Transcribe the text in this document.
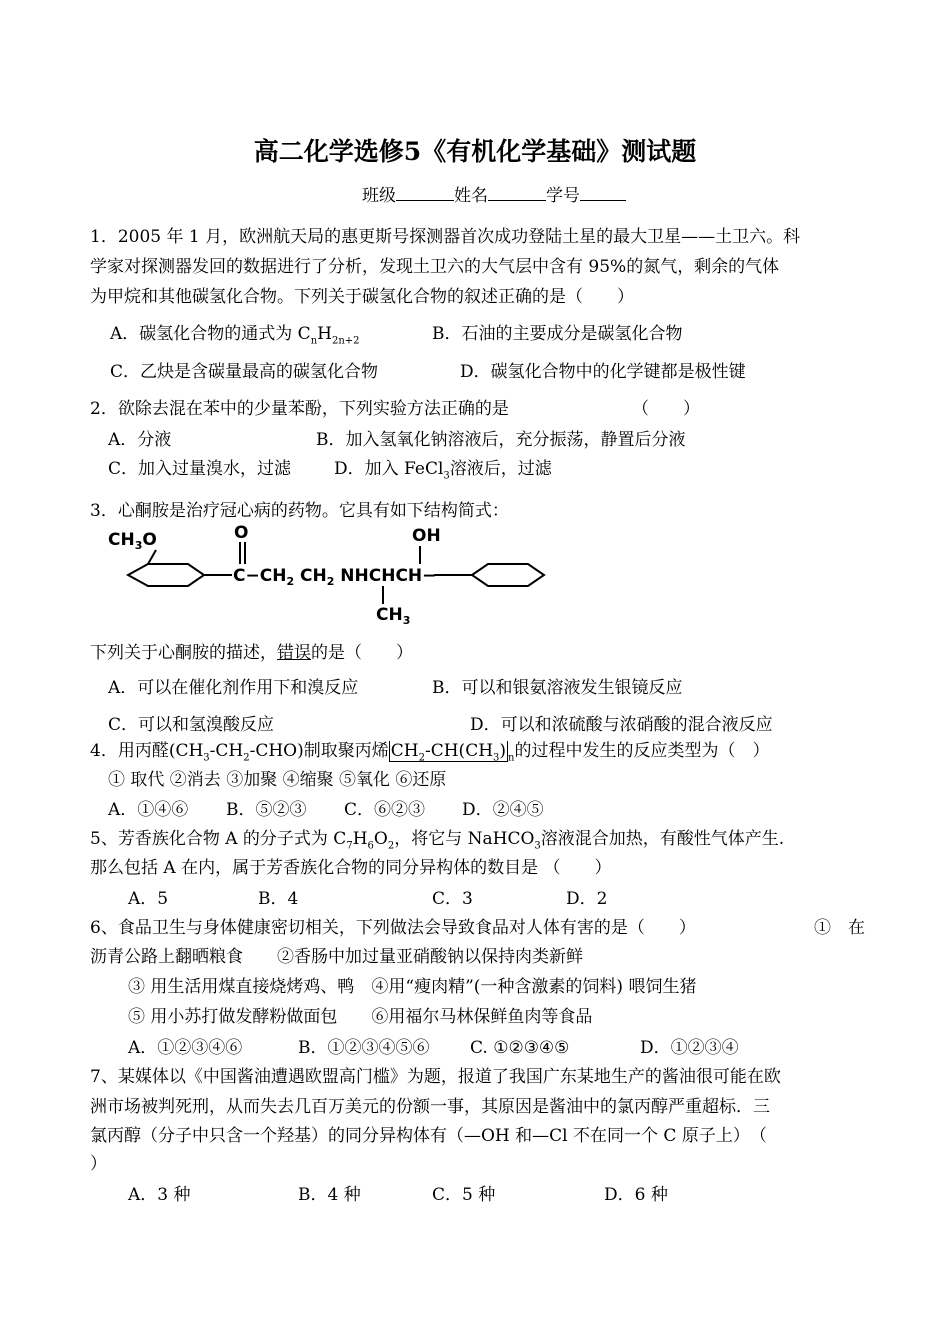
高二化学选修5《有机化学基础》测试题
班级	姓名	学号
1．2005 年 1 月，欧洲航天局的惠更斯号探测器首次成功登陆土星的最大卫星——土卫六。科
学家对探测器发回的数据进行了分析，发现土卫六的大气层中含有 95%的氮气，剩余的气体
为甲烷和其他碳氢化合物。下列关于碳氢化合物的叙述正确的是（　　）
A．碳氢化合物的通式为 $C_nH_{2n+2}$	B．石油的主要成分是碳氢化合物
C．乙炔是含碳量最高的碳氢化合物	D．碳氢化合物中的化学键都是极性键
2．欲除去混在苯中的少量苯酚，下列实验方法正确的是	（　　）
A．分液	B．加入氢氧化钠溶液后，充分振荡，静置后分液
C．加入过量溴水，过滤	D．加入 FeCl$_3$溶液后，过滤
3．心酮胺是治疗冠心病的药物。它具有如下结构简式：
$CH_3O$	O
$C-CH_2$ $CH_2$ NHCHCH−
OH
$CH_3$
下列关于心酮胺的描述，错误的是（　　）
A．可以在催化剂作用下和溴反应	B．可以和银氨溶液发生银镜反应
C．可以和氢溴酸反应	D．可以和浓硫酸与浓硝酸的混合液反应
4．用丙醛$(CH_3-CH_2-CHO)$制取聚丙烯 $CH_2-CH(CH_3)$ $_n$的过程中发生的反应类型为（　）
① 取代 ②消去 ③加聚 ④缩聚 ⑤氧化 ⑥还原
A．①④⑥ B．⑤②③ C．⑥②③ D．②④⑤
5、芳香族化合物 A 的分子式为 $C_7H_6O_2$，将它与 NaHCO$_3$溶液混合加热，有酸性气体产生.
那么包括 A 在内，属于芳香族化合物的同分异构体的数目是 （　　）
A．5	B．4	C．3	D．2
6、食品卫生与身体健康密切相关，下列做法会导致食品对人体有害的是（　　）	①　在
沥青公路上翻晒粮食　　②香肠中加过量亚硝酸钠以保持肉类新鲜
③ 用生活用煤直接烧烤鸡、鸭　④用“瘦肉精”(一种含激素的饲料) 喂饲生猪
⑤ 用小苏打做发酵粉做面包　　⑥用福尔马林保鲜鱼肉等食品
A．①②③④⑥	B．①②③④⑤⑥ C. ①②③④⑤	D．①②③④
7、某媒体以《中国酱油遭遇欧盟高门槛》为题，报道了我国广东某地生产的酱油很可能在欧
洲市场被判死刑，从而失去几百万美元的份额一事，其原因是酱油中的氯丙醇严重超标．三
氯丙醇（分子中只含一个羟基）的同分异构体有（—OH 和—Cl 不在同一个 C 原子上）　（
）
A．3 种	B．4 种	C．5 种	D．6 种
